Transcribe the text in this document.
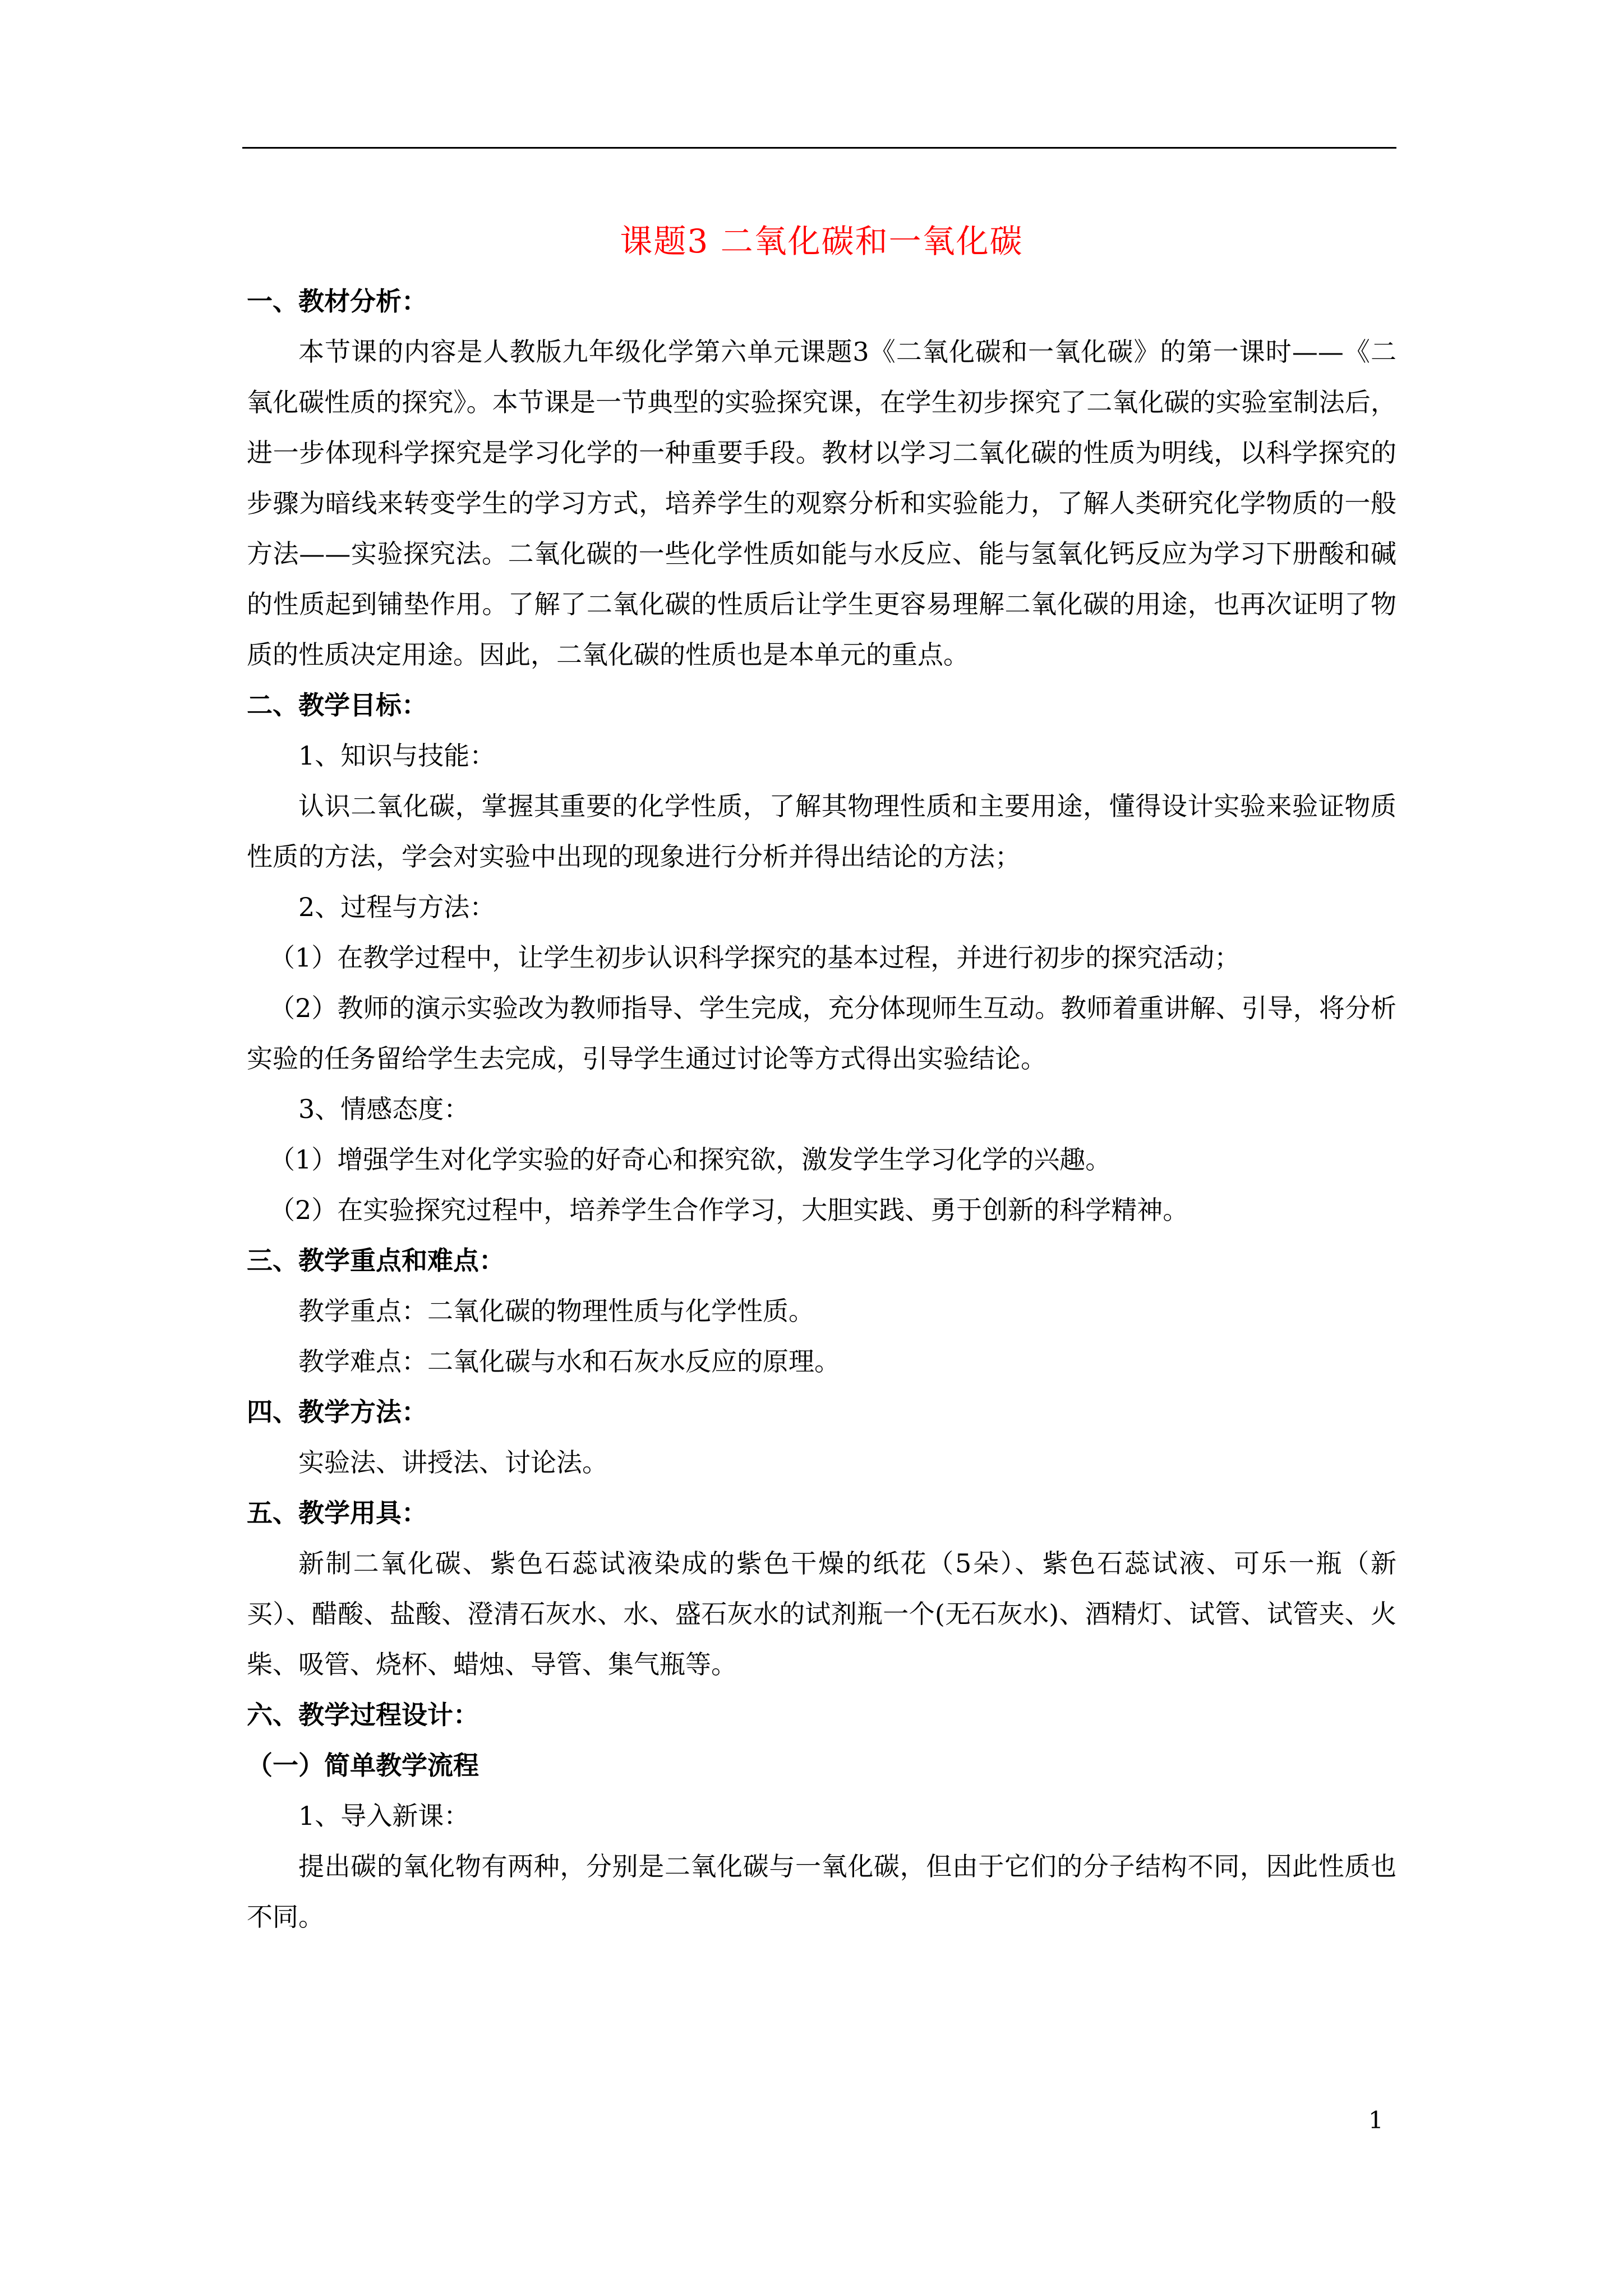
课题3 二氧化碳和一氧化碳
一、教材分析：

本节课的内容是人教版九年级化学第六单元课题3《二氧化碳和一氧化碳》的第一课时——《二氧化碳性质的探究》。本节课是一节典型的实验探究课，在学生初步探究了二氧化碳的实验室制法后，进一步体现科学探究是学习化学的一种重要手段。教材以学习二氧化碳的性质为明线，以科学探究的步骤为暗线来转变学生的学习方式，培养学生的观察分析和实验能力，了解人类研究化学物质的一般方法——实验探究法。二氧化碳的一些化学性质如能与水反应、能与氢氧化钙反应为学习下册酸和碱的性质起到铺垫作用。了解了二氧化碳的性质后让学生更容易理解二氧化碳的用途，也再次证明了物质的性质决定用途。因此，二氧化碳的性质也是本单元的重点。

二、教学目标：

1、知识与技能：

认识二氧化碳，掌握其重要的化学性质，了解其物理性质和主要用途，懂得设计实验来验证物质性质的方法，学会对实验中出现的现象进行分析并得出结论的方法；

2、过程与方法：

（1）在教学过程中，让学生初步认识科学探究的基本过程，并进行初步的探究活动；

（2）教师的演示实验改为教师指导、学生完成，充分体现师生互动。教师着重讲解、引导，将分析实验的任务留给学生去完成，引导学生通过讨论等方式得出实验结论。

3、情感态度：

（1）增强学生对化学实验的好奇心和探究欲，激发学生学习化学的兴趣。

（2）在实验探究过程中，培养学生合作学习，大胆实践、勇于创新的科学精神。

三、教学重点和难点：

教学重点：二氧化碳的物理性质与化学性质。

教学难点：二氧化碳与水和石灰水反应的原理。

四、教学方法：

实验法、讲授法、讨论法。

五、教学用具：

新制二氧化碳、紫色石蕊试液染成的紫色干燥的纸花（5朵）、紫色石蕊试液、可乐一瓶（新买）、醋酸、盐酸、澄清石灰水、水、盛石灰水的试剂瓶一个(无石灰水)、酒精灯、试管、试管夹、火柴、吸管、烧杯、蜡烛、导管、集气瓶等。

六、教学过程设计：
（一）简单教学流程

1、导入新课：

提出碳的氧化物有两种，分别是二氧化碳与一氧化碳，但由于它们的分子结构不同，因此性质也不同。

1
